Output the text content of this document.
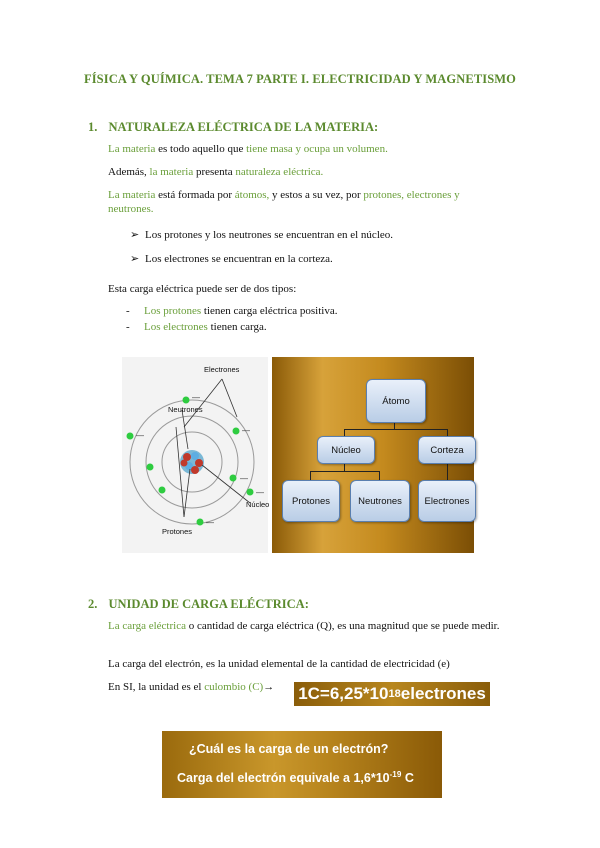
FÍSICA Y QUÍMICA. TEMA 7 PARTE I. ELECTRICIDAD Y MAGNETISMO
1. NATURALEZA ELÉCTRICA DE LA MATERIA:
La materia es todo aquello que tiene masa y ocupa un volumen.
Además, la materia presenta naturaleza eléctrica.
La materia está formada por átomos, y estos a su vez, por protones, electrones y neutrones.
➢ Los protones y los neutrones se encuentran en el núcleo.
➢ Los electrones se encuentran en la corteza.
Esta carga eléctrica puede ser de dos tipos:
- Los protones tienen carga eléctrica positiva.
- Los electrones tienen carga.
—
—
—
—
—
—
Electrones
Neutrones
Protones
Núcleo
Átomo
Núcleo	Corteza
Protones	Neutrones	Electrones
2. UNIDAD DE CARGA ELÉCTRICA:
La carga eléctrica o cantidad de carga eléctrica (Q), es una magnitud que se puede medir.
La carga del electrón, es la unidad elemental de la cantidad de electricidad (e)
En SI, la unidad es el culombio (C)→ 1C=6,25*10 18 electrones
¿Cuál es la carga de un electrón?
Carga del electrón equivale a $1,6*10^{-19}$ C
